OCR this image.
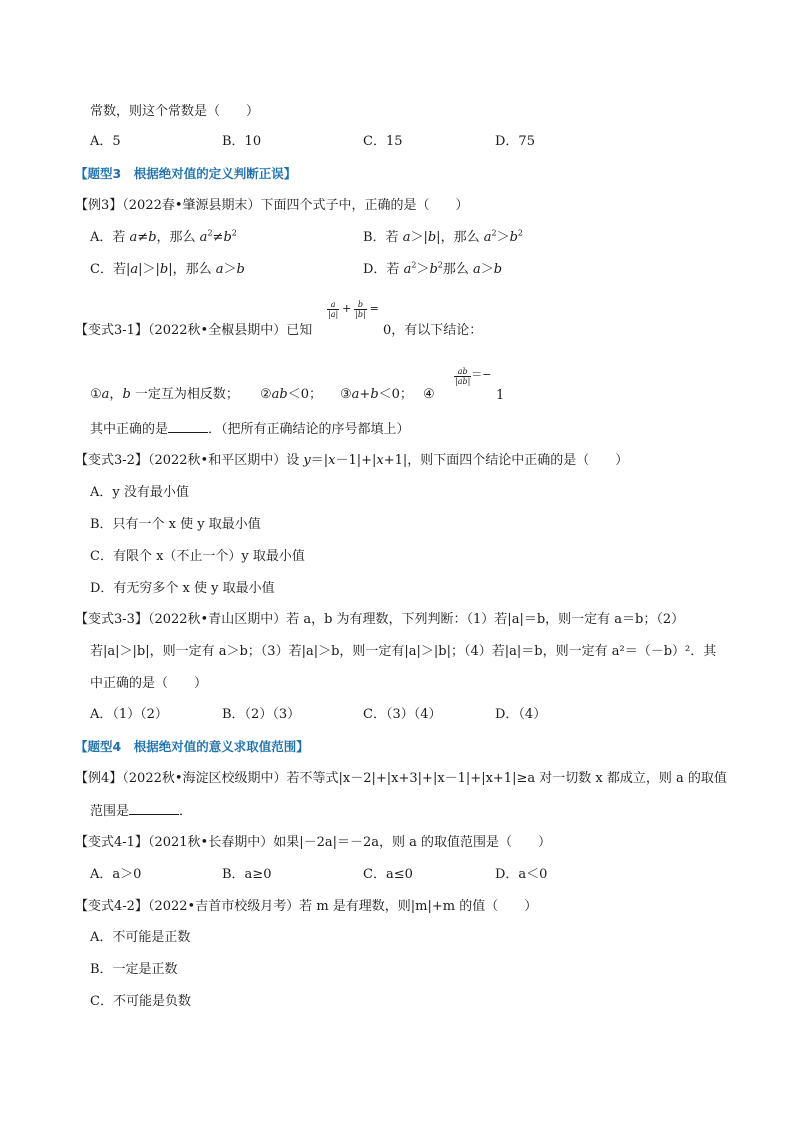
常数，则这个常数是（　　）
A．5	B．10	C．15	D．75
【题型3　根据绝对值的定义判断正误】
【例3】（2022春•肇源县期末）下面四个式子中，正确的是（　　）
A．若 a≠b，那么 $a^2\ne b^2$	B．若 a＞|b|，那么 $a^2>b^2$
C．若|a|＞|b|，那么 a＞b	D．若 $a^2>b^2$那么 a＞b
【变式3-1】（2022秋•全椒县期中）已知
$\frac{a}{|a|} + \frac{b}{|b|}$ =
0，有以下结论：
①a，b 一定互为相反数； ②ab＜0； ③a+b＜0； ④
$\frac{ab}{|ab|}$ ＝−
1
其中正确的是	．（把所有正确结论的序号都填上）
【变式3-2】（2022秋•和平区期中）设 y＝|x－1|+|x+1|，则下面四个结论中正确的是（　　）
A．y 没有最小值
B．只有一个 x 使 y 取最小值
C．有限个 x（不止一个）y 取最小值
D．有无穷多个 x 使 y 取最小值
【变式3-3】（2022秋•青山区期中）若 a，b 为有理数，下列判断：（1）若|a|＝b，则一定有 a＝b；（2）
若|a|＞|b|，则一定有 a＞b；（3）若|a|＞b，则一定有|a|＞|b|；（4）若|a|＝b，则一定有 a²＝（－b）²．其
中正确的是（　　）
A．（1）（2）	B．（2）（3）	C．（3）（4）	D．（4）
【题型4　根据绝对值的意义求取值范围】
【例4】（2022秋•海淀区校级期中）若不等式|x－2|+|x+3|+|x－1|+|x+1|≥a 对一切数 x 都成立，则 a 的取值
范围是	．
【变式4-1】（2021秋•长春期中）如果|－2a|＝－2a，则 a 的取值范围是（　　）
A．a＞0	B．a≥0	C．a≤0	D．a＜0
【变式4-2】（2022•吉首市校级月考）若 m 是有理数，则|m|+m 的值（　　）
A．不可能是正数
B．一定是正数
C．不可能是负数
